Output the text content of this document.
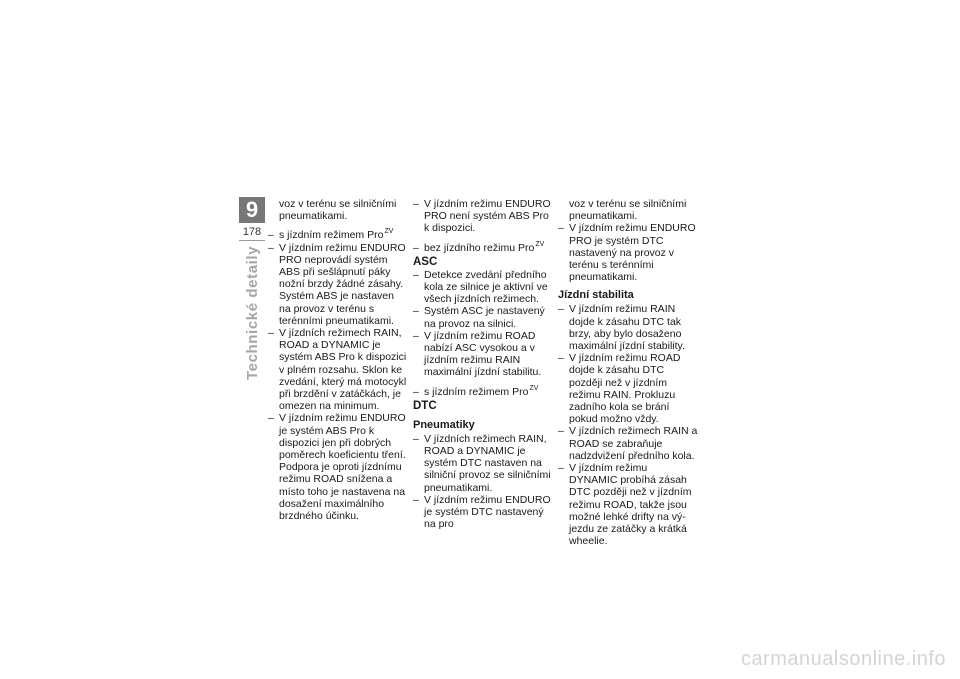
9
178
Technické detaily
voz v terénu se silničními pneumatikami.
– s jízdním režimem Pro$^{ZV}$
– V jízdním režimu ENDURO PRO neprovádí systém ABS při sešlápnutí páky nožní brzdy žádné zásahy. Systém ABS je nastaven na provoz v terénu s terénními pneumatikami.
– V jízdních režimech RAIN, ROAD a DYNAMIC je systém ABS Pro k dispozici v plném rozsahu. Sklon ke zvedání, který má motocykl při brzdění v zatáčkách, je omezen na minimum.
– V jízdním režimu ENDURO je systém ABS Pro k dispozici jen při dobrých poměrech koeficientu tření. Podpora je oproti jízdnímu režimu ROAD snížena a místo toho je nastavena na dosažení maximálního brzdného účinku.
– V jízdním režimu ENDURO PRO není systém ABS Pro k dispozici.
– bez jízdního režimu Pro$^{ZV}$
ASC
– Detekce zvedání předního kola ze silnice je aktivní ve všech jízdních režimech.
– Systém ASC je nastavený na provoz na silnici.
– V jízdním režimu ROAD nabízí ASC vysokou a v jízdním režimu RAIN maximální jízdní stabilitu.
– s jízdním režimem Pro$^{ZV}$
DTC
Pneumatiky
– V jízdních režimech RAIN, ROAD a DYNAMIC je systém DTC nastaven na silniční provoz se silničními pneumatikami.
– V jízdním režimu ENDURO je systém DTC nastavený na pro
voz v terénu se silničními pneumatikami.
– V jízdním režimu ENDURO PRO je systém DTC nastavený na provoz v terénu s terénními pneumatikami.
Jízdní stabilita
– V jízdním režimu RAIN dojde k zásahu DTC tak brzy, aby bylo dosaženo maximální jízdní stability.
– V jízdním režimu ROAD dojde k zásahu DTC později než v jízdním režimu RAIN. Prokluzu zadního kola se brání pokud možno vždy.
– V jízdních režimech RAIN a ROAD se zabraňuje nadzdvižení předního kola.
– V jízdním režimu DYNAMIC probíhá zásah DTC později než v jízdním režimu ROAD, takže jsou možné lehké drifty na výjezdu ze zatáčky a krátká wheelie.
carmanualsonline.info
